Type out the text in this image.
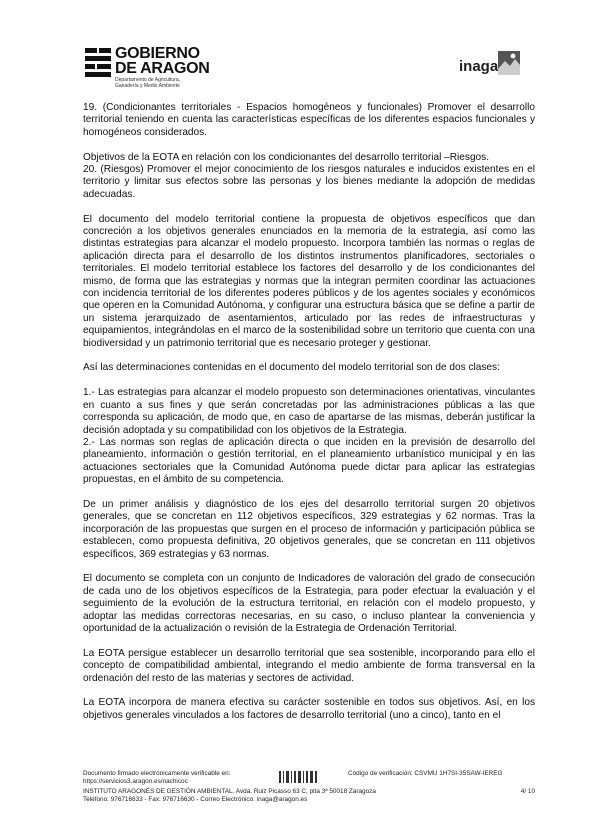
GOBIERNO
DE ARAGON
Departamento de Agricultura,
Ganadería y Medio Ambiente
inaga

19. (Condicionantes territoriales - Espacios homogéneos y funcionales) Promover el desarrollo territorial teniendo en cuenta las características específicas de los diferentes espacios funcionales y homogéneos considerados.

Objetivos de la EOTA en relación con los condicionantes del desarrollo territorial –Riesgos.

20. (Riesgos) Promover el mejor conocimiento de los riesgos naturales e inducidos existentes en el territorio y limitar sus efectos sobre las personas y los bienes mediante la adopción de medidas adecuadas.

El documento del modelo territorial contiene la propuesta de objetivos específicos que dan concreción a los objetivos generales enunciados en la memoria de la estrategia, así como las distintas estrategias para alcanzar el modelo propuesto. Incorpora también las normas o reglas de aplicación directa para el desarrollo de los distintos instrumentos planificadores, sectoriales o territoriales. El modelo territorial establece los factores del desarrollo y de los condicionantes del mismo, de forma que las estrategias y normas que la integran permiten coordinar las actuaciones con incidencia territorial de los diferentes poderes públicos y de los agentes sociales y económicos que operen en la Comunidad Autónoma, y configurar una estructura básica que se define a partir de un sistema jerarquizado de asentamientos, articulado por las redes de infraestructuras y equipamientos, integrándolas en el marco de la sostenibilidad sobre un territorio que cuenta con una biodiversidad y un patrimonio territorial que es necesario proteger y gestionar.

Así las determinaciones contenidas en el documento del modelo territorial son de dos clases:

1.- Las estrategias para alcanzar el modelo propuesto son determinaciones orientativas, vinculantes en cuanto a sus fines y que serán concretadas por las administraciones públicas a las que corresponda su aplicación, de modo que, en caso de apartarse de las mismas, deberán justificar la decisión adoptada y su compatibilidad con los objetivos de la Estrategia.

2.- Las normas son reglas de aplicación directa o que inciden en la previsión de desarrollo del planeamiento, información o gestión territorial, en el planeamiento urbanístico municipal y en las actuaciones sectoriales que la Comunidad Autónoma puede dictar para aplicar las estrategias propuestas, en el ámbito de su competencia.

De un primer análisis y diagnóstico de los ejes del desarrollo territorial surgen 20 objetivos generales, que se concretan en 112 objetivos específicos, 329 estrategias y 62 normas. Tras la incorporación de las propuestas que surgen en el proceso de información y participación pública se establecen, como propuesta definitiva, 20 objetivos generales, que se concretan en 111 objetivos específicos, 369 estrategias y 63 normas.

El documento se completa con un conjunto de Indicadores de valoración del grado de consecución de cada uno de los objetivos específicos de la Estrategia, para poder efectuar la evaluación y el seguimiento de la evolución de la estructura territorial, en relación con el modelo propuesto, y adoptar las medidas correctoras necesarias, en su caso, o incluso plantear la conveniencia y oportunidad de la actualización o revisión de la Estrategia de Ordenación Territorial.

La EOTA persigue establecer un desarrollo territorial que sea sostenible, incorporando para ello el concepto de compatibilidad ambiental, integrando el medio ambiente de forma transversal en la ordenación del resto de las materias y sectores de actividad.

La EOTA incorpora de manera efectiva su carácter sostenible en todos sus objetivos. Así, en los objetivos generales vinculados a los factores de desarrollo territorial (uno a cinco), tanto en el

Documento firmado electrónicamente verificable en:
https://servicios3.aragon.es/nachicoc
Código de verificación: CSVMU 1H7SI-35SAW-IEREG
INSTITUTO ARAGONÉS DE GESTIÓN AMBIENTAL. Avda. Ruiz Picasso 63 C, plta 3ª 50018 Zaragoza	4/ 10
Teléfono: 976716633 - Fax: 976716630 - Correo Electrónico: inaga@aragon.es
